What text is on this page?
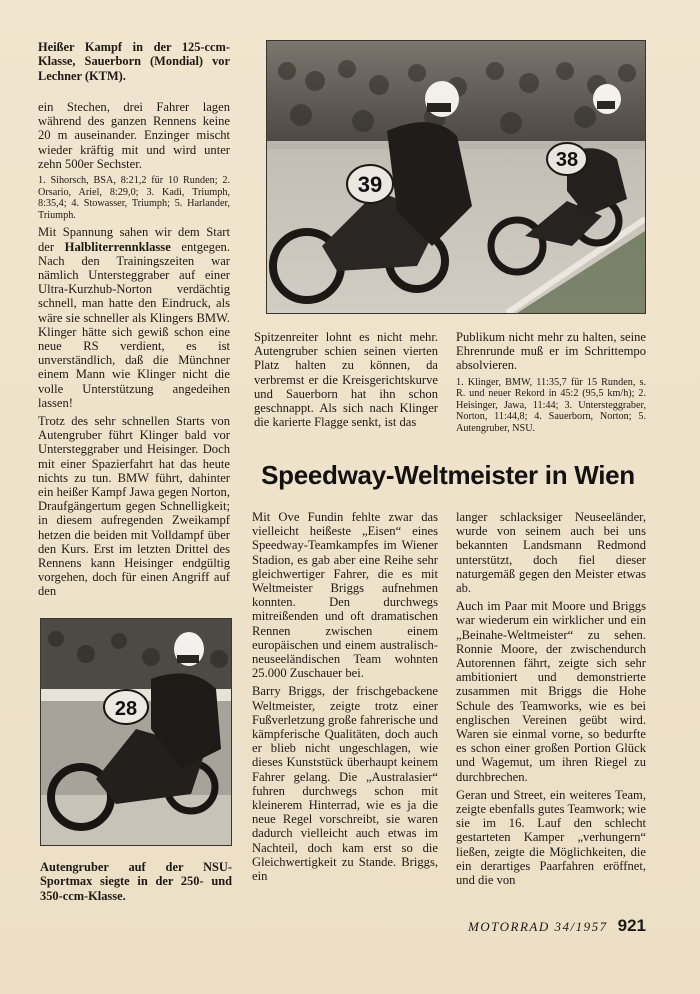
Heißer Kampf in der 125-ccm-Klasse, Sauerborn (Mondial) vor Lechner (KTM).

ein Stechen, drei Fahrer lagen während des ganzen Rennens keine 20 m auseinander. Enzinger mischt wieder kräftig mit und wird unter zehn 500er Sechster.

1. Sihorsch, BSA, 8:21,2 für 10 Runden; 2. Orsario, Ariel, 8:29,0; 3. Kadi, Triumph, 8:35,4; 4. Stowasser, Triumph; 5. Harlander, Triumph.

Mit Spannung sahen wir dem Start der Halbliterrennklasse entgegen. Nach den Trainingszeiten war nämlich Untersteggraber auf einer Ultra-Kurzhub-Norton verdächtig schnell, man hatte den Eindruck, als wäre sie schneller als Klingers BMW. Klinger hätte sich gewiß schon eine neue RS verdient, es ist unverständlich, daß die Münchner einem Mann wie Klinger nicht die volle Unterstützung angedeihen lassen!

Trotz des sehr schnellen Starts von Autengruber führt Klinger bald vor Untersteggraber und Heisinger. Doch mit einer Spazierfahrt hat das heute nichts zu tun. BMW führt, dahinter ein heißer Kampf Jawa gegen Norton, Draufgängertum gegen Schnelligkeit; in diesem aufregenden Zweikampf hetzen die beiden mit Volldampf über den Kurs. Erst im letzten Drittel des Rennens kann Heisinger endgültig vorgehen, doch für einen Angriff auf den

38
39
Spitzenreiter lohnt es nicht mehr. Autengruber schien seinen vierten Platz halten zu können, da verbremst er die Kreisgerichtskurve und Sauerborn hat ihn schon geschnappt. Als sich nach Klinger die karierte Flagge senkt, ist das

Publikum nicht mehr zu halten, seine Ehrenrunde muß er im Schrittempo absolvieren.

1. Klinger, BMW, 11:35,7 für 15 Runden, s. R. und neuer Rekord in 45:2 (95,5 km/h); 2. Heisinger, Jawa, 11:44; 3. Untersteggraber, Norton, 11:44,8; 4. Sauerborn, Norton; 5. Autengruber, NSU.

Speedway-Weltmeister in Wien

Mit Ove Fundin fehlte zwar das vielleicht heißeste „Eisen“ eines Speedway-Teamkampfes im Wiener Stadion, es gab aber eine Reihe sehr gleichwertiger Fahrer, die es mit Weltmeister Briggs aufnehmen konnten. Den durchwegs mitreißenden und oft dramatischen Rennen zwischen einem europäischen und einem australisch-neuseeländischen Team wohnten 25.000 Zuschauer bei.

Barry Briggs, der frischgebackene Weltmeister, zeigte trotz einer Fußverletzung große fahrerische und kämpferische Qualitäten, doch auch er blieb nicht ungeschlagen, wie dieses Kunststück überhaupt keinem Fahrer gelang. Die „Australasier“ fuhren durchwegs schon mit kleinerem Hinterrad, wie es ja die neue Regel vorschreibt, sie waren dadurch vielleicht auch etwas im Nachteil, doch kam erst so die Gleichwertigkeit zu Stande. Briggs, ein

langer schlacksiger Neuseeländer, wurde von seinem auch bei uns bekannten Landsmann Redmond unterstützt, doch fiel dieser naturgemäß gegen den Meister etwas ab.

Auch im Paar mit Moore und Briggs war wiederum ein wirklicher und ein „Beinahe-Weltmeister“ zu sehen. Ronnie Moore, der zwischendurch Autorennen fährt, zeigte sich sehr ambitioniert und demonstrierte zusammen mit Briggs die Hohe Schule des Teamworks, wie es bei englischen Vereinen geübt wird. Waren sie einmal vorne, so bedurfte es schon einer großen Portion Glück und Wagemut, um ihren Riegel zu durchbrechen.

Geran und Street, ein weiteres Team, zeigte ebenfalls gutes Teamwork; wie sie im 16. Lauf den schlecht gestarteten Kamper „verhungern“ ließen, zeigte die Möglichkeiten, die ein derartiges Paarfahren eröffnet, und die von

28
Autengruber auf der NSU-Sportmax siegte in der 250- und 350-ccm-Klasse.
MOTORRAD 34/1957 921
